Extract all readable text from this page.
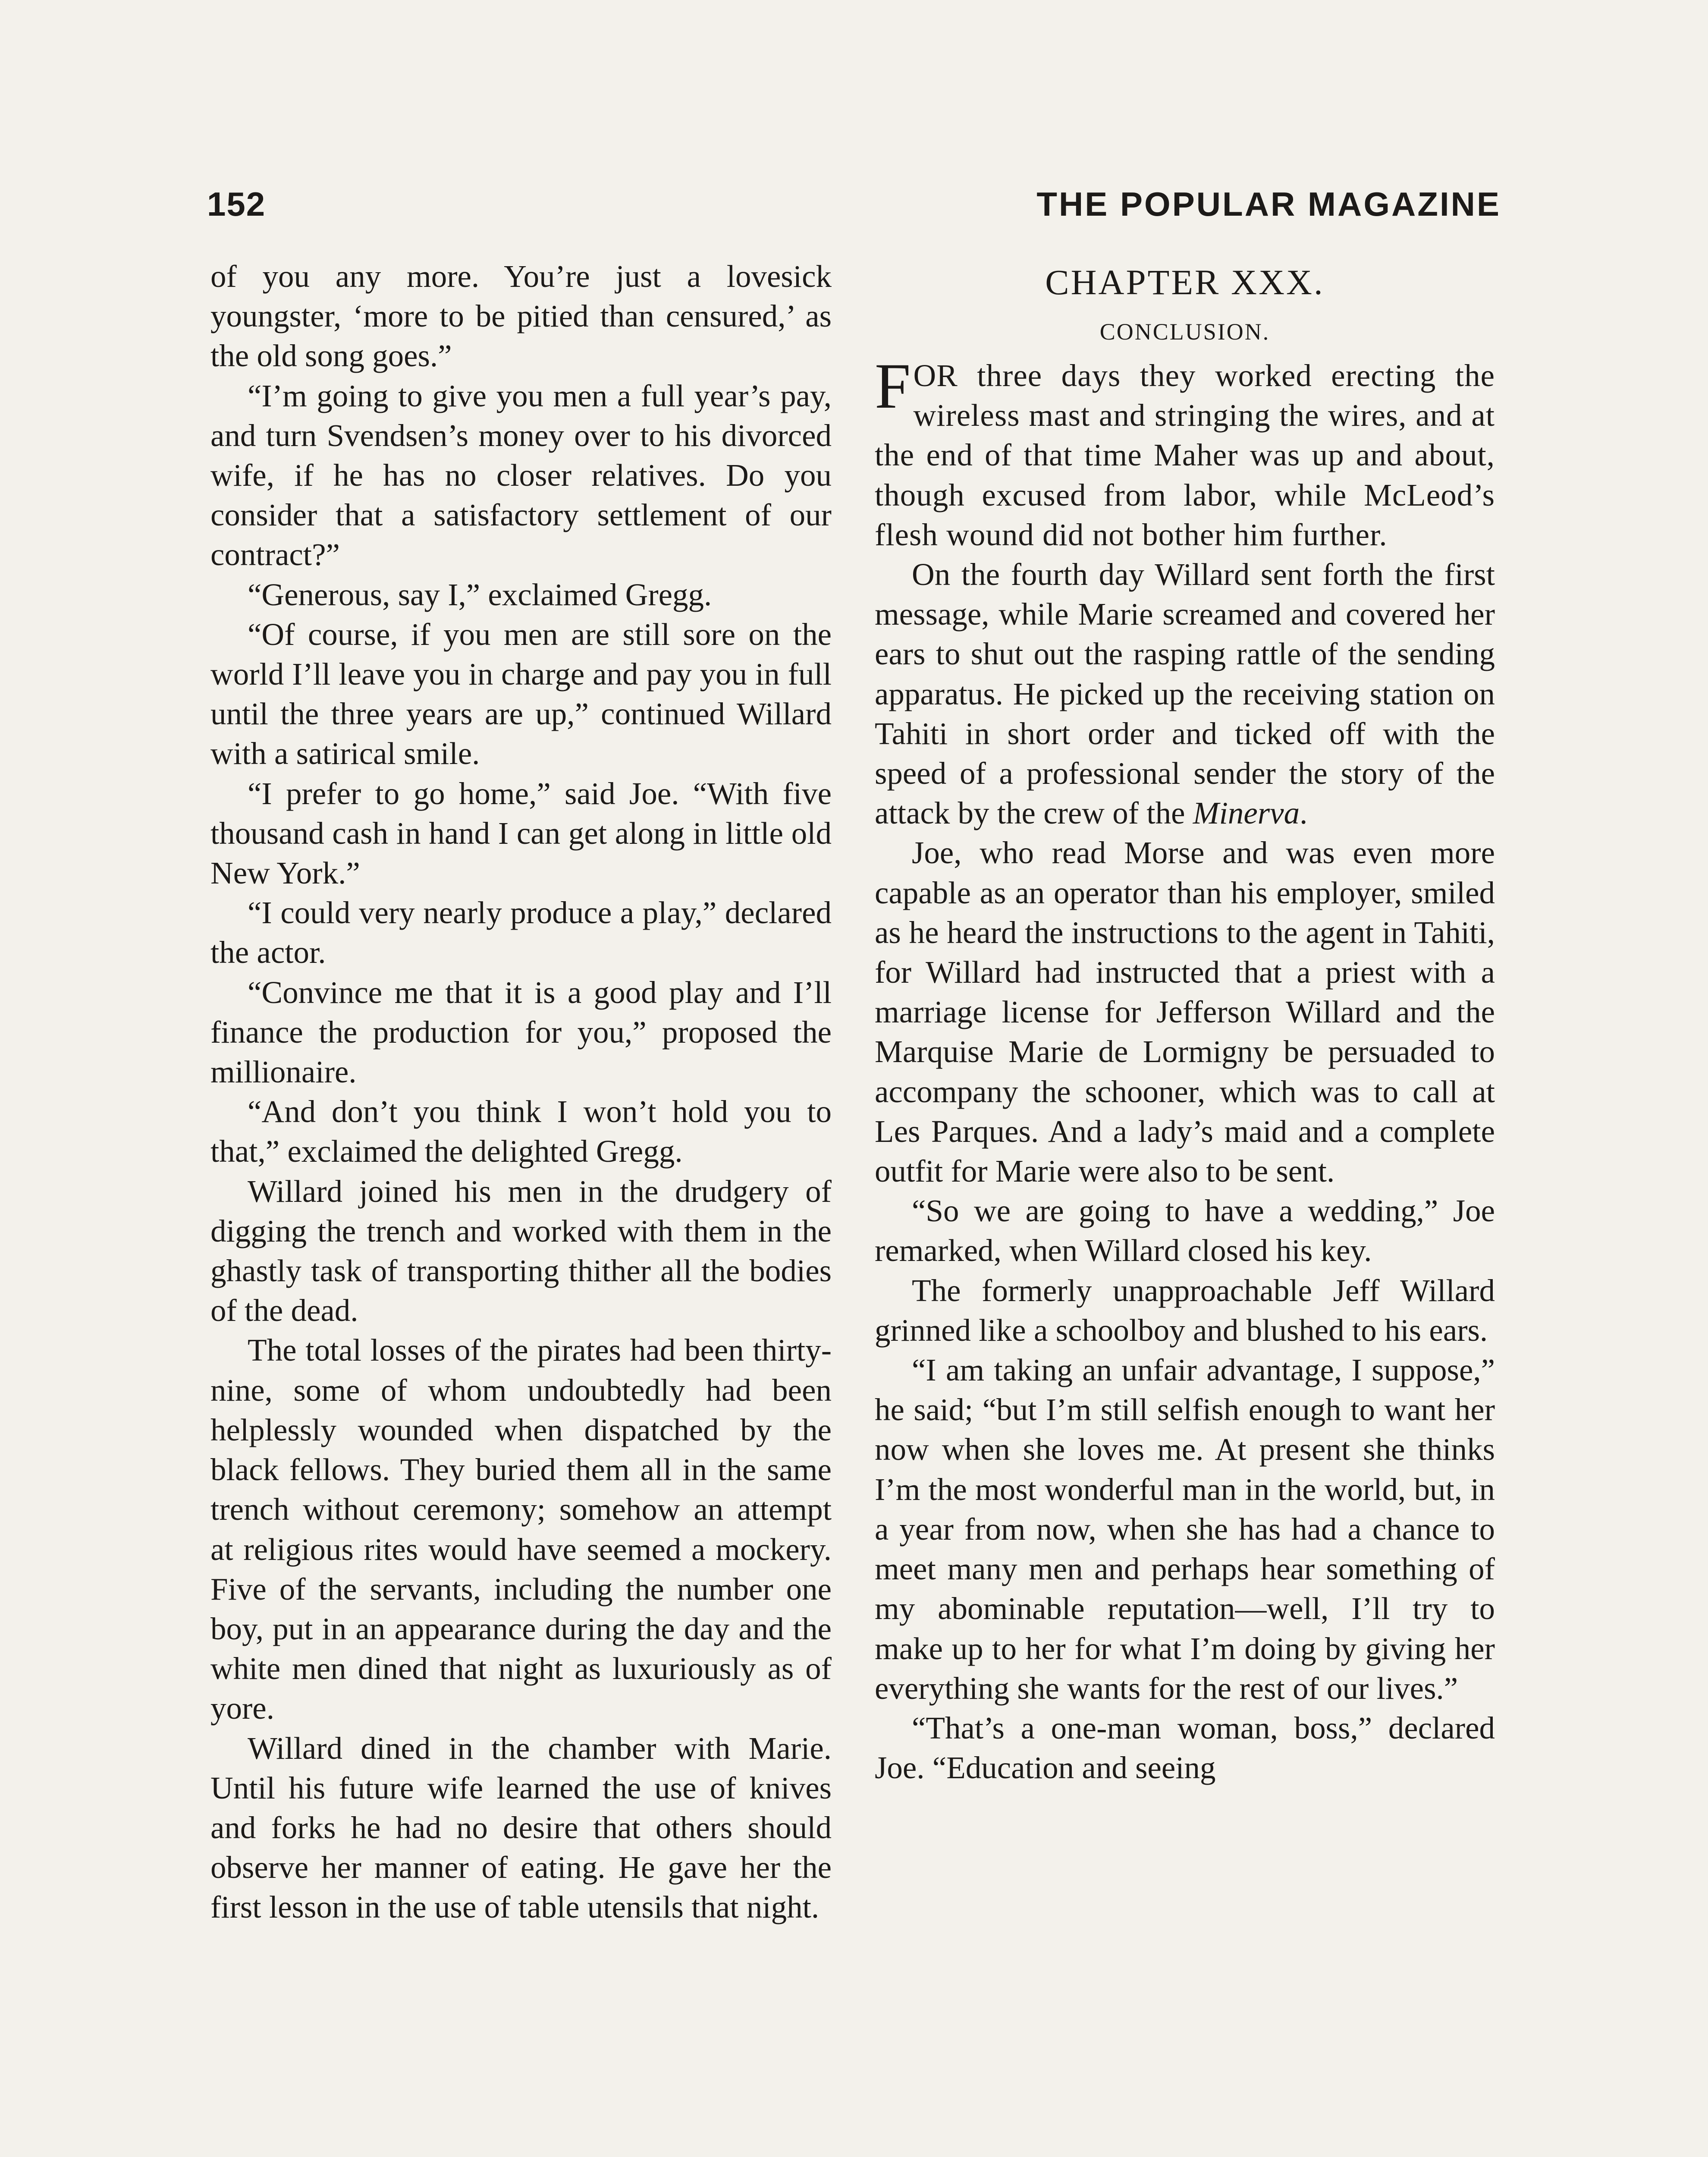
152	THE POPULAR MAGAZINE

of you any more. You’re just a lovesick youngster, ‘more to be pitied than censured,’ as the old song goes.”

“I’m going to give you men a full year’s pay, and turn Svendsen’s money over to his divorced wife, if he has no closer relatives. Do you consider that a satisfactory settlement of our contract?”

“Generous, say I,” exclaimed Gregg.

“Of course, if you men are still sore on the world I’ll leave you in charge and pay you in full until the three years are up,” continued Willard with a satirical smile.

“I prefer to go home,” said Joe. “With five thousand cash in hand I can get along in little old New York.”

“I could very nearly produce a play,” declared the actor.

“Convince me that it is a good play and I’ll finance the production for you,” proposed the millionaire.

“And don’t you think I won’t hold you to that,” exclaimed the delighted Gregg.

Willard joined his men in the drudgery of digging the trench and worked with them in the ghastly task of transporting thither all the bodies of the dead.

The total losses of the pirates had been thirty-nine, some of whom undoubtedly had been helplessly wounded when dispatched by the black fellows. They buried them all in the same trench without ceremony; somehow an attempt at religious rites would have seemed a mockery. Five of the servants, including the number one boy, put in an appearance during the day and the white men dined that night as luxuriously as of yore.

Willard dined in the chamber with Marie. Until his future wife learned the use of knives and forks he had no desire that others should observe her manner of eating. He gave her the first lesson in the use of table utensils that night.

CHAPTER XXX.
CONCLUSION.

FOR three days they worked erecting the wireless mast and stringing the wires, and at the end of that time Maher was up and about, though excused from labor, while McLeod’s flesh wound did not bother him further.

On the fourth day Willard sent forth the first message, while Marie screamed and covered her ears to shut out the rasping rattle of the sending apparatus. He picked up the receiving station on Tahiti in short order and ticked off with the speed of a professional sender the story of the attack by the crew of the Minerva.

Joe, who read Morse and was even more capable as an operator than his employer, smiled as he heard the instructions to the agent in Tahiti, for Willard had instructed that a priest with a marriage license for Jefferson Willard and the Marquise Marie de Lormigny be persuaded to accompany the schooner, which was to call at Les Parques. And a lady’s maid and a complete outfit for Marie were also to be sent.

“So we are going to have a wedding,” Joe remarked, when Willard closed his key.

The formerly unapproachable Jeff Willard grinned like a schoolboy and blushed to his ears.

“I am taking an unfair advantage, I suppose,” he said; “but I’m still selfish enough to want her now when she loves me. At present she thinks I’m the most wonderful man in the world, but, in a year from now, when she has had a chance to meet many men and perhaps hear something of my abominable reputation—well, I’ll try to make up to her for what I’m doing by giving her everything she wants for the rest of our lives.”

“That’s a one-man woman, boss,” declared Joe. “Education and seeing
